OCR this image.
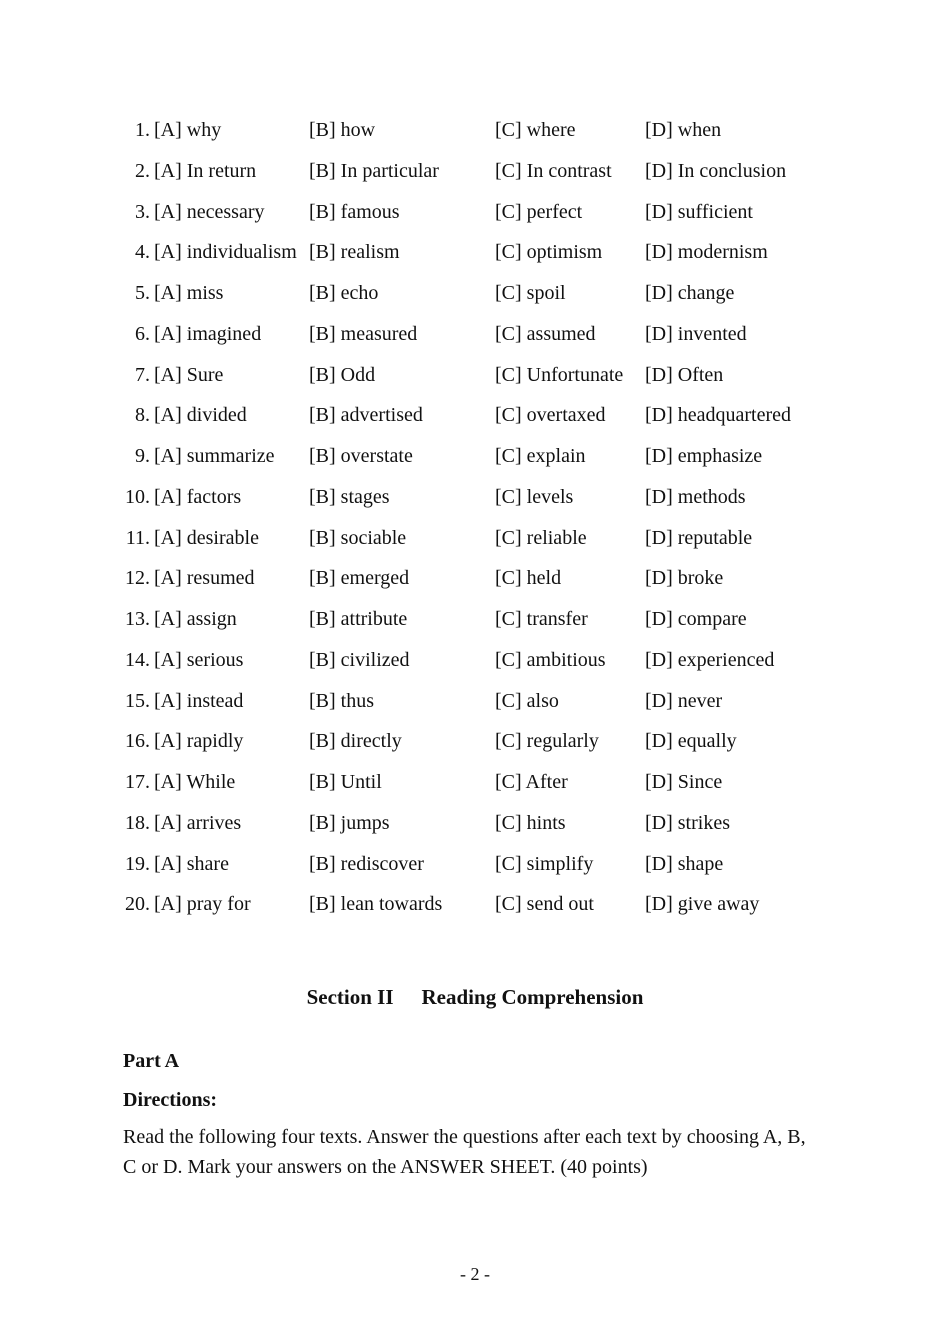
1. [A] why	[B] how	[C] where	[D] when
2. [A] In return	[B] In particular	[C] In contrast [D] In conclusion
3. [A] necessary [B] famous	[C] perfect	[D] sufficient
4. [A] individualism [B] realism	[C] optimism [D] modernism
5. [A] miss	[B] echo	[C] spoil	[D] change
6. [A] imagined [B] measured	[C] assumed [D] invented
7. [A] Sure	[B] Odd	[C] Unfortunate [D] Often
8. [A] divided	[B] advertised	[C] overtaxed [D] headquartered
9. [A] summarize [B] overstate	[C] explain	[D] emphasize
10. [A] factors	[B] stages	[C] levels	[D] methods
11. [A] desirable	[B] sociable	[C] reliable	[D] reputable
12. [A] resumed	[B] emerged	[C] held	[D] broke
13. [A] assign	[B] attribute	[C] transfer	[D] compare
14. [A] serious	[B] civilized	[C] ambitious [D] experienced
15. [A] instead	[B] thus	[C] also	[D] never
16. [A] rapidly	[B] directly	[C] regularly [D] equally
17. [A] While	[B] Until	[C] After	[D] Since
18. [A] arrives	[B] jumps	[C] hints	[D] strikes
19. [A] share	[B] rediscover	[C] simplify	[D] shape
20. [A] pray for	[B] lean towards	[C] send out	[D] give away
Section II Reading Comprehension
Part A
Directions:
Read the following four texts. Answer the questions after each text by choosing A, B, C or D. Mark your answers on the ANSWER SHEET. (40 points)
- 2 -
